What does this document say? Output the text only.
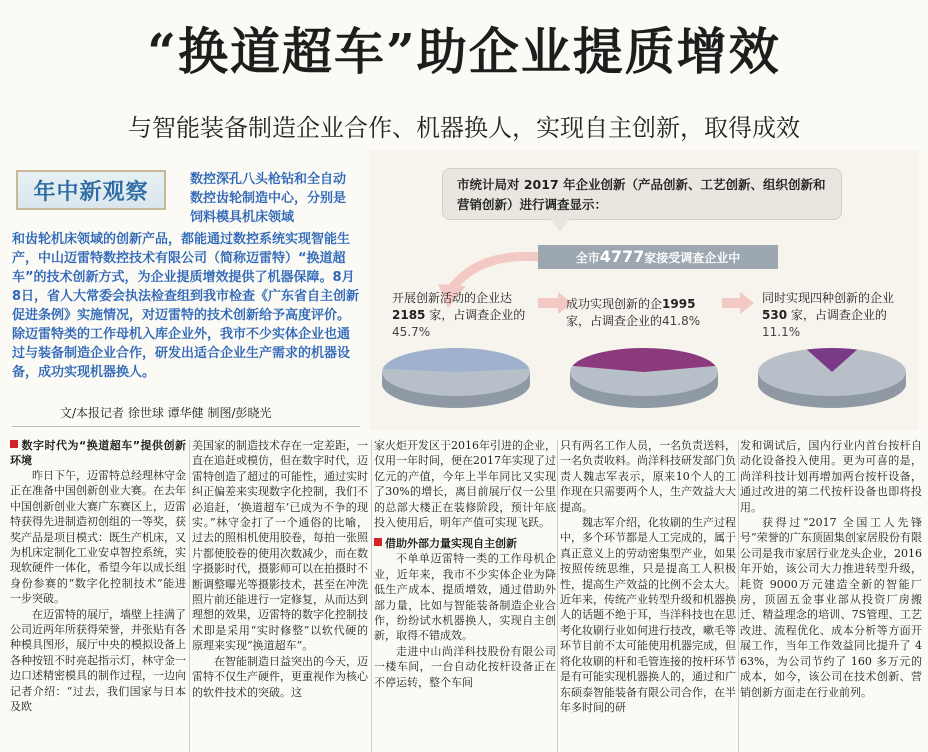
“换道超车”助企业提质增效
与智能装备制造企业合作、机器换人，实现自主创新，取得成效
年中新观察	数控深孔八头枪钻和全自动数控齿轮制造中心，分别是饲料模具机床领域
和齿轮机床领域的创新产品，都能通过数控系统实现智能生产，中山迈雷特数控技术有限公司（简称迈雷特）“换道超车”的技术创新方式，为企业提质增效提供了机器保障。8月8日，省人大常委会执法检查组到我市检查《广东省自主创新促进条例》实施情况，对迈雷特的技术创新给予高度评价。除迈雷特类的工作母机入库企业外，我市不少实体企业也通过与装备制造企业合作，研发出适合企业生产需求的机器设备，成功实现机器换人。
文/本报记者 徐世球 谭华健 制图/彭晓光
市统计局对 2017 年企业创新（产品创新、工艺创新、组织创新和营销创新）进行调查显示：
全市4777家接受调查企业中
开展创新活动的企业达2185 家，占调查企业的45.7%
成功实现创新的企1995 家，占调查企业的41.8%
同时实现四种创新的企业530 家，占调查企业的11.1%

数字时代为“换道超车”提供创新环境

昨日下午，迈雷特总经理林守金正在准备中国创新创业大赛。在去年中国创新创业大赛广东赛区上，迈雷特获得先进制造初创组的一等奖，获奖产品是项目模式：既生产机床，又为机床定制化工业安卓智控系统，实现软硬件一体化，希望今年以成长组身份参赛的“数字化控制技术”能进一步突破。

在迈雷特的展厅，墙壁上挂满了公司近两年所获得荣誉，并张贴有各种模具图形，展厅中央的模拟设备上各种按钮不时亮起指示灯，林守金一边口述精密模具的制作过程，一边向记者介绍：“过去，我们国家与日本及欧

美国家的制造技术存在一定差距，一直在追赶或模仿，但在数字时代，迈雷特创造了超过的可能性，通过实时纠正偏差来实现数字化控制，我们不必追赶，‘换道超车’已成为不争的现实。”林守金打了一个通俗的比喻，过去的照相机使用胶卷，每拍一张照片都使胶卷的使用次数减少，而在数字摄影时代，摄影师可以在拍摄时不断调整曝光等摄影技术，甚至在冲洗照片前还能进行一定修复，从而达到理想的效果，迈雷特的数字化控制技术即是采用“实时修整”以软代硬的原理来实现“换道超车”。

在智能制造日益突出的今天，迈雷特不仅生产硬件，更重视作为核心的软件技术的突破。这

家火炬开发区于2016年引进的企业，仅用一年时间，便在2017年实现了过亿元的产值，今年上半年同比又实现了30%的增长，离目前展厅仅一公里的总部大楼正在装修阶段，预计年底投入使用后，明年产值可实现飞跃。

借助外部力量实现自主创新

不单单迈雷特一类的工作母机企业，近年来，我市不少实体企业为降低生产成本、提质增效，通过借助外部力量，比如与智能装备制造企业合作，纷纷试水机器换人，实现自主创新，取得不错成效。

走进中山尚洋科技股份有限公司一楼车间，一台自动化按杆设备正在不停运转，整个车间

只有两名工作人员，一名负责送料，一名负责收料。尚洋科技研发部门负责人魏志军表示，原来10个人的工作现在只需要两个人，生产效益大大提高。

魏志军介绍，化妆刷的生产过程中，多个环节都是人工完成的，属于真正意义上的劳动密集型产业，如果按照传统思维，只是提高工人积极性，提高生产效益的比例不会太大。近年来，传统产业转型升级和机器换人的话题不绝于耳，当洋科技也在思考化妆刷行业如何进行技改，嗽毛等环节目前不太可能使用机器完成，但将化妆刷的杆和毛管连接的按杆环节是有可能实现机器换人的，通过和广东硕泰智能装备有限公司合作，在半年多时间的研

发和调试后，国内行业内首台按杆自动化设备投入使用。更为可喜的是，尚洋科技计划再增加两台按杆设备，通过改进的第二代按杆设备也即将投用。

获得过“2017 全国工人先锋号”荣誉的广东顶固集创家居股份有限公司是我市家居行业龙头企业，2016年开始，该公司大力推进转型升级，耗资 9000万元建造全新的智能厂房，顶固五金事业部从投资厂房搬迁、精益理念的培训、7S管理、工艺改进、流程优化、成本分析等方面开展工作，当年工作效益同比提升了 463%，为公司节约了 160 多万元的成本，如今，该公司在技术创新、营销创新方面走在行业前列。
